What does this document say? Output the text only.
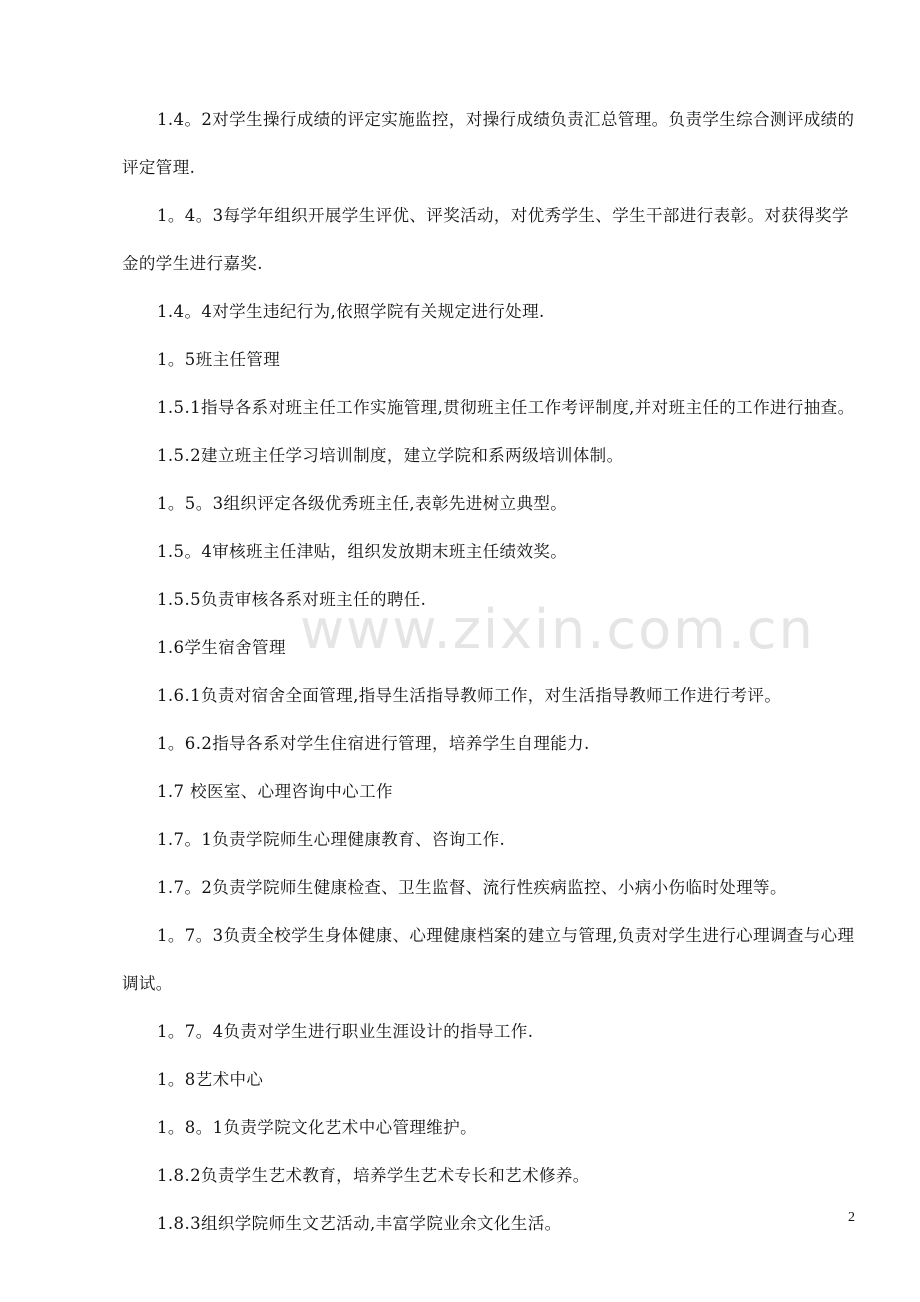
1.4。2对学生操行成绩的评定实施监控，对操行成绩负责汇总管理。负责学生综合测评成绩的评定管理.

1。4。3每学年组织开展学生评优、评奖活动，对优秀学生、学生干部进行表彰。对获得奖学金的学生进行嘉奖.

1.4。4对学生违纪行为,依照学院有关规定进行处理.

1。5班主任管理

1.5.1指导各系对班主任工作实施管理,贯彻班主任工作考评制度,并对班主任的工作进行抽查。

1.5.2建立班主任学习培训制度，建立学院和系两级培训体制。

1。5。3组织评定各级优秀班主任,表彰先进树立典型。

1.5。4审核班主任津贴，组织发放期末班主任绩效奖。

1.5.5负责审核各系对班主任的聘任.

1.6学生宿舍管理

1.6.1负责对宿舍全面管理,指导生活指导教师工作，对生活指导教师工作进行考评。

1。6.2指导各系对学生住宿进行管理，培养学生自理能力.

1.7 校医室、心理咨询中心工作

1.7。1负责学院师生心理健康教育、咨询工作.

1.7。2负责学院师生健康检查、卫生监督、流行性疾病监控、小病小伤临时处理等。

1。7。3负责全校学生身体健康、心理健康档案的建立与管理,负责对学生进行心理调查与心理调试。

1。7。4负责对学生进行职业生涯设计的指导工作.

1。8艺术中心

1。8。1负责学院文化艺术中心管理维护。

1.8.2负责学生艺术教育，培养学生艺术专长和艺术修养。

1.8.3组织学院师生文艺活动,丰富学院业余文化生活。

www.zixin.com.cn
2
